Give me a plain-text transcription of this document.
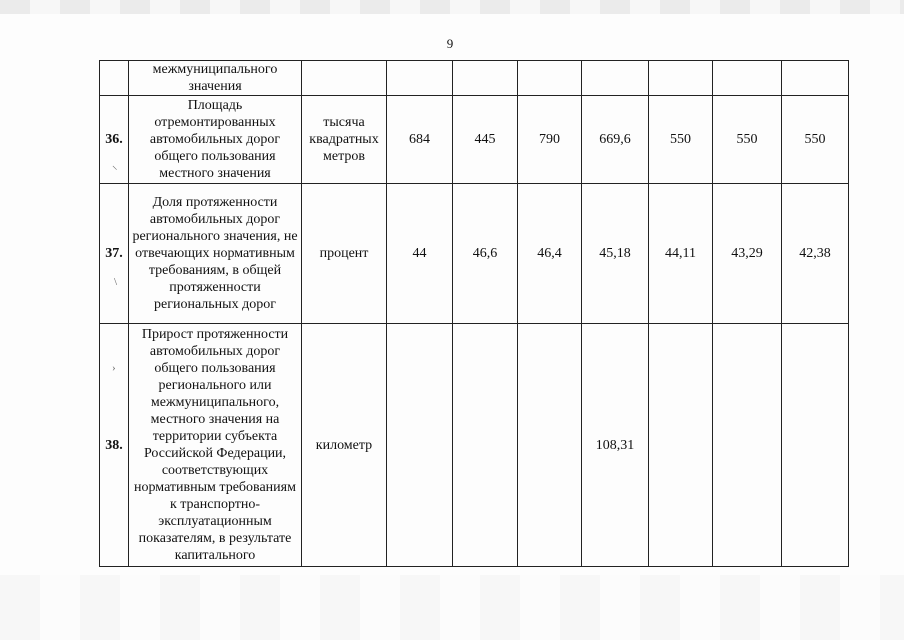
9
	межмуниципального значения								
36.	Площадь отремонтированных автомобильных дорог общего пользования местного значения	тысяча квадратных метров	684	445	790	669,6	550	550	550
37.	Доля протяженности автомобильных дорог регионального значения, не отвечающих нормативным требованиям, в общей протяженности региональных дорог	процент	44	46,6	46,4	45,18	44,11	43,29	42,38
38.	Прирост протяженности автомобильных дорог общего пользования регионального или межмуниципального, местного значения на территории субъекта Российской Федерации, соответствующих нормативным требованиям к транспортно-эксплуатационным показателям, в результате капитального	километр				108,31			
⸜
\
›
